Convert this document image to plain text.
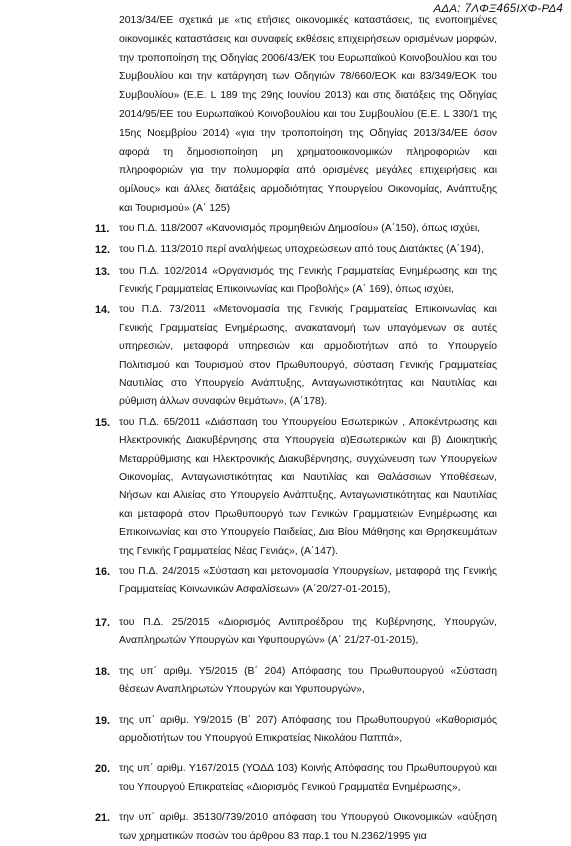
ΑΔΑ: 7ΛΦΞ465ΙΧΦ-ΡΔ4

2013/34/ΕΕ σχετικά με «τις ετήσιες οικονομικές καταστάσεις, τις ενοποιημένες οικονομικές καταστάσεις και συναφείς εκθέσεις επιχειρήσεων ορισμένων μορφών, την τροποποίηση της Οδηγίας 2006/43/ΕΚ του Ευρωπαϊκού Κοινοβουλίου και του Συμβουλίου και την κατάργηση των Οδηγιών 78/660/ΕΟΚ και 83/349/ΕΟΚ του Συμβουλίου» (Ε.Ε. L 189 της 29ης Ιουνίου 2013) και στις διατάξεις της Οδηγίας 2014/95/ΕΕ του Ευρωπαϊκού Κοινοβουλίου και του Συμβουλίου (Ε.Ε. L 330/1 της 15ης Νοεμβρίου 2014) «για την τροποποίηση της Οδηγίας 2013/34/ΕΕ όσον αφορά τη δημοσιοποίηση μη χρηματοοικονομικών πληροφοριών και πληροφοριών για την πολυμορφία από ορισμένες μεγάλες επιχειρήσεις και ομίλους» και άλλες διατάξεις αρμοδιότητας Υπουργείου Οικονομίας, Ανάπτυξης και Τουρισμού» (Α΄ 125)

11. του Π.Δ. 118/2007 «Κανονισμός προμηθειών Δημοσίου» (Α΄150), όπως ισχύει,
12. του Π.Δ. 113/2010 περί αναλήψεως υποχρεώσεων από τους Διατάκτες (Α΄194),
13. του Π.Δ. 102/2014 «Οργανισμός της Γενικής Γραμματείας Ενημέρωσης και της Γενικής Γραμματείας Επικοινωνίας και Προβολής» (Α΄ 169), όπως ισχύει,
14. του Π.Δ. 73/2011 «Μετονομασία της Γενικής Γραμματείας Επικοινωνίας και Γενικής Γραμματείας Ενημέρωσης, ανακατανομή των υπαγόμενων σε αυτές υπηρεσιών, μεταφορά υπηρεσιών και αρμοδιοτήτων από το Υπουργείο Πολιτισμού και Τουρισμού στον Πρωθυπουργό, σύσταση Γενικής Γραμματείας Ναυτιλίας στο Υπουργείο Ανάπτυξης, Ανταγωνιστικότητας και Ναυτιλίας και ρύθμιση άλλων συναφών θεμάτων», (Α΄178).
15. του Π.Δ. 65/2011 «Διάσπαση του Υπουργείου Εσωτερικών , Αποκέντρωσης και Ηλεκτρονικής Διακυβέρνησης στα Υπουργεία α)Εσωτερικών και β) Διοικητικής Μεταρρύθμισης και Ηλεκτρονικής Διακυβέρνησης, συγχώνευση των Υπουργείων Οικονομίας, Ανταγωνιστικότητας και Ναυτιλίας και Θαλάσσιων Υποθέσεων, Νήσων και Αλιείας στο Υπουργείο Ανάπτυξης, Ανταγωνιστικότητας και Ναυτιλίας και μεταφορά στον Πρωθυπουργό των Γενικών Γραμματειών Ενημέρωσης και Επικοινωνίας και στο Υπουργείο Παιδείας, Δια Βίου Μάθησης και Θρησκευμάτων της Γενικής Γραμματείας Νέας Γενιάς», (Α΄147).
16. του Π.Δ. 24/2015 «Σύσταση και μετονομασία Υπουργείων, μεταφορά της Γενικής Γραμματείας Κοινωνικών Ασφαλίσεων» (Α΄20/27-01-2015),
17. του Π.Δ. 25/2015 «Διορισμός Αντιπροέδρου της Κυβέρνησης, Υπουργών, Αναπληρωτών Υπουργών και Υφυπουργών» (Α΄ 21/27-01-2015),
18. της υπ΄ αριθμ. Υ5/2015 (Β΄ 204) Απόφασης του Πρωθυπουργού «Σύσταση θέσεων Αναπληρωτών Υπουργών και Υφυπουργών»,
19. της υπ΄ αριθμ. Υ9/2015 (Β΄ 207) Απόφασης του Πρωθυπουργού «Καθορισμός αρμοδιοτήτων του Υπουργού Επικρατείας Νικολάου Παππά»,
20. της υπ΄ αριθμ. Υ167/2015 (ΥΟΔΔ 103) Κοινής Απόφασης του Πρωθυπουργού και του Υπουργού Επικρατείας «Διορισμός Γενικού Γραμματέα Ενημέρωσης»,
21. την υπ΄ αριθμ. 35130/739/2010 απόφαση του Υπουργού Οικονομικών «αύξηση των χρηματικών ποσών του άρθρου 83 παρ.1 του Ν.2362/1995 για
